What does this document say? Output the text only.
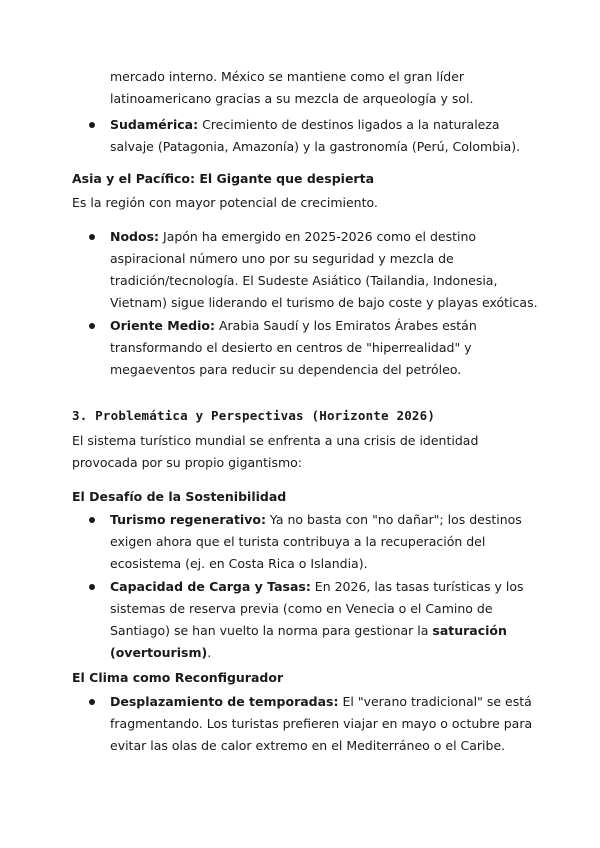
mercado interno. México se mantiene como el gran líder latinoamericano gracias a su mezcla de arqueología y sol.

Sudamérica: Crecimiento de destinos ligados a la naturaleza salvaje (Patagonia, Amazonía) y la gastronomía (Perú, Colombia).
Asia y el Pacífico: El Gigante que despierta

Es la región con mayor potencial de crecimiento.

Nodos: Japón ha emergido en 2025-2026 como el destino aspiracional número uno por su seguridad y mezcla de tradición/tecnología. El Sudeste Asiático (Tailandia, Indonesia, Vietnam) sigue liderando el turismo de bajo coste y playas exóticas.
Oriente Medio: Arabia Saudí y los Emiratos Árabes están transformando el desierto en centros de "hiperrealidad" y megaeventos para reducir su dependencia del petróleo.
3. Problemática y Perspectivas (Horizonte 2026)

El sistema turístico mundial se enfrenta a una crisis de identidad provocada por su propio gigantismo:

El Desafío de la Sostenibilidad
Turismo regenerativo: Ya no basta con "no dañar"; los destinos exigen ahora que el turista contribuya a la recuperación del ecosistema (ej. en Costa Rica o Islandia).
Capacidad de Carga y Tasas: En 2026, las tasas turísticas y los sistemas de reserva previa (como en Venecia o el Camino de Santiago) se han vuelto la norma para gestionar la saturación (overtourism).
El Clima como Reconfigurador
Desplazamiento de temporadas: El "verano tradicional" se está fragmentando. Los turistas prefieren viajar en mayo o octubre para evitar las olas de calor extremo en el Mediterráneo o el Caribe.
